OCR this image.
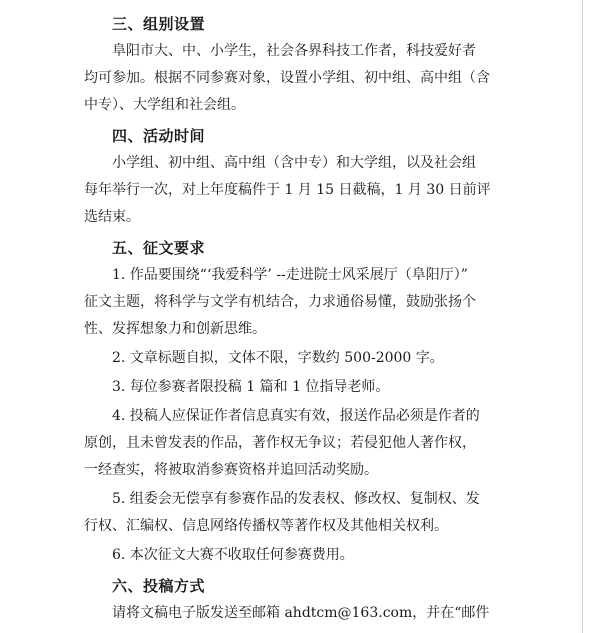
三、组别设置

阜阳市大、中、小学生，社会各界科技工作者，科技爱好者
均可参加。根据不同参赛对象，设置小学组、初中组、高中组（含
中专）、大学组和社会组。

四、活动时间

小学组、初中组、高中组（含中专）和大学组，以及社会组
每年举行一次，对上年度稿件于 1 月 15 日截稿，1 月 30 日前评
选结束。

五、征文要求

1. 作品要围绕“‘我爱科学’ --走进院士风采展厅（阜阳厅）”
征文主题，将科学与文学有机结合，力求通俗易懂，鼓励张扬个
性、发挥想象力和创新思维。

2. 文章标题自拟，文体不限，字数约 500-2000 字。

3. 每位参赛者限投稿 1 篇和 1 位指导老师。

4. 投稿人应保证作者信息真实有效，报送作品必须是作者的
原创，且未曾发表的作品，著作权无争议；若侵犯他人著作权，
一经查实，将被取消参赛资格并追回活动奖励。

5. 组委会无偿享有参赛作品的发表权、修改权、复制权、发
行权、汇编权、信息网络传播权等著作权及其他相关权利。

6. 本次征文大赛不收取任何参赛费用。

六、投稿方式

请将文稿电子版发送至邮箱 ahdtcm@163.com，并在“邮件
